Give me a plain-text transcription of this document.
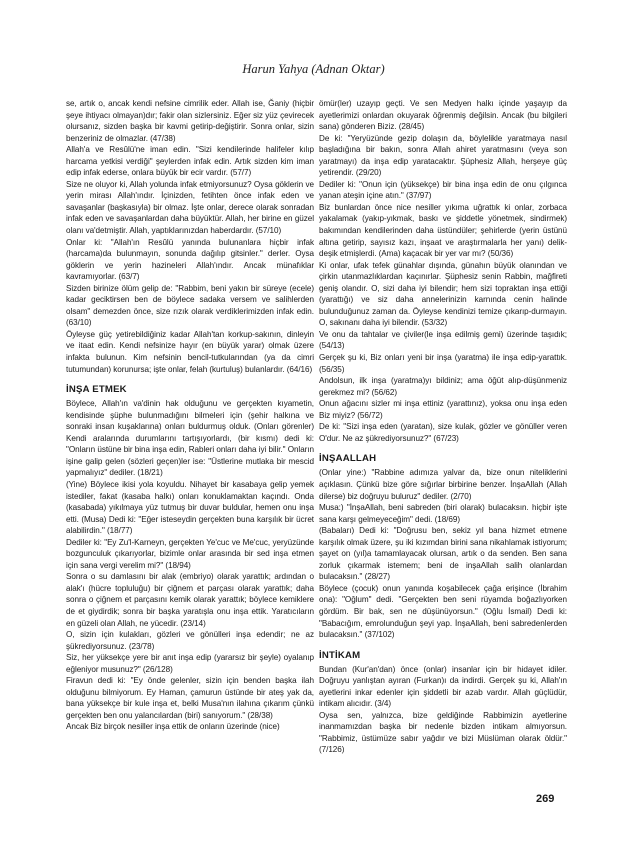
Harun Yahya (Adnan Oktar)

se, artık o, ancak kendi nefsine cimrilik eder. Allah ise, Ğaniy (hiçbir şeye ihtiyacı olmayan)dır; fakir olan sizlersiniz. Eğer siz yüz çevirecek olursanız, sizden başka bir kavmi getirip-değiştirir. Sonra onlar, sizin benzeriniz de olmazlar. (47/38)

Allah'a ve Resûlü'ne iman edin. "Sizi kendilerinde halifeler kılıp harcama yetkisi verdiği" şeylerden infak edin. Artık sizden kim iman edip infak ederse, onlara büyük bir ecir vardır. (57/7)

Size ne oluyor ki, Allah yolunda infak etmiyorsunuz? Oysa göklerin ve yerin mirası Allah'ındır. İçinizden, fetihten önce infak eden ve savaşanlar (başkasıyla) bir olmaz. İşte onlar, derece olarak sonradan infak eden ve savaşanlardan daha büyüktür. Allah, her birine en güzel olanı va'detmiştir. Allah, yaptıklarınızdan haberdardır. (57/10)

Onlar ki: "Allah'ın Resûlü yanında bulunanlara hiçbir infak (harcama)da bulunmayın, sonunda dağılıp gitsinler." derler. Oysa göklerin ve yerin hazineleri Allah'ındır. Ancak münafıklar kavramıyorlar. (63/7)

Sizden birinize ölüm gelip de: "Rabbim, beni yakın bir süreye (ecele) kadar geciktirsen ben de böylece sadaka versem ve salihlerden olsam" demezden önce, size rızık olarak verdiklerimizden infak edin. (63/10)

Öyleyse güç yetirebildiğiniz kadar Allah'tan korkup-sakının, dinleyin ve itaat edin. Kendi nefsinize hayır (en büyük yarar) olmak üzere infakta bulunun. Kim nefsinin bencil-tutkularından (ya da cimri tutumundan) korunursa; işte onlar, felah (kurtuluş) bulanlardır. (64/16)

İNŞA ETMEK

Böylece, Allah'ın va'dinin hak olduğunu ve gerçekten kıyametin, kendisinde şüphe bulunmadığını bilmeleri için (şehir halkına ve sonraki insan kuşaklarına) onları buldurmuş olduk. (Onları görenler) Kendi aralarında durumlarını tartışıyorlardı, (bir kısmı) dedi ki: "Onların üstüne bir bina inşa edin, Rableri onları daha iyi bilir." Onların işine galip gelen (sözleri geçen)ler ise: "Üstlerine mutlaka bir mescid yapmalıyız" dediler. (18/21)

(Yine) Böylece ikisi yola koyuldu. Nihayet bir kasabaya gelip yemek istediler, fakat (kasaba halkı) onları konuklamaktan kaçındı. Onda (kasabada) yıkılmaya yüz tutmuş bir duvar buldular, hemen onu inşa etti. (Musa) Dedi ki: "Eğer isteseydin gerçekten buna karşılık bir ücret alabilirdin." (18/77)

Dediler ki: "Ey Zu'l-Karneyn, gerçekten Ye'cuc ve Me'cuc, yeryüzünde bozgunculuk çıkarıyorlar, bizimle onlar arasında bir sed inşa etmen için sana vergi verelim mi?" (18/94)

Sonra o su damlasını bir alak (embriyo) olarak yarattık; ardından o alak'ı (hücre topluluğu) bir çiğnem et parçası olarak yarattık; daha sonra o çiğnem et parçasını kemik olarak yarattık; böylece kemiklere de et giydirdik; sonra bir başka yaratışla onu inşa ettik. Yaratıcıların en güzeli olan Allah, ne yücedir. (23/14)

O, sizin için kulakları, gözleri ve gönülleri inşa edendir; ne az şükrediyorsunuz. (23/78)

Siz, her yüksekçe yere bir anıt inşa edip (yararsız bir şeyle) oyalanıp eğleniyor musunuz?" (26/128)

Firavun dedi ki: "Ey önde gelenler, sizin için benden başka ilah olduğunu bilmiyorum. Ey Haman, çamurun üstünde bir ateş yak da, bana yüksekçe bir kule inşa et, belki Musa'nın ilahına çıkarım çünkü gerçekten ben onu yalancılardan (biri) sanıyorum." (28/38)

Ancak Biz birçok nesiller inşa ettik de onların üzerinde (nice)

ömür(ler) uzayıp geçti. Ve sen Medyen halkı içinde yaşayıp da ayetlerimizi onlardan okuyarak öğrenmiş değilsin. Ancak (bu bilgileri sana) gönderen Biziz. (28/45)

De ki: "Yeryüzünde gezip dolaşın da, böylelikle yaratmaya nasıl başladığına bir bakın, sonra Allah ahiret yaratmasını (veya son yaratmayı) da inşa edip yaratacaktır. Şüphesiz Allah, herşeye güç yetirendir. (29/20)

Dediler ki: "Onun için (yüksekçe) bir bina inşa edin de onu çılgınca yanan ateşin içine atın." (37/97)

Biz bunlardan önce nice nesiller yıkıma uğrattık ki onlar, zorbaca yakalamak (yakıp-yıkmak, baskı ve şiddetle yönetmek, sindirmek) bakımından kendilerinden daha üstündüler; şehirlerde (yerin üstünü altına getirip, sayısız kazı, inşaat ve araştırmalarla her yanı) delik-deşik etmişlerdi. (Ama) kaçacak bir yer var mı? (50/36)

Ki onlar, ufak tefek günahlar dışında, günahın büyük olanından ve çirkin utanmazlıklardan kaçınırlar. Şüphesiz senin Rabbin, mağfireti geniş olandır. O, sizi daha iyi bilendir; hem sizi topraktan inşa ettiği (yarattığı) ve siz daha annelerinizin karnında cenin halinde bulunduğunuz zaman da. Öyleyse kendinizi temize çıkarıp-durmayın. O, sakınanı daha iyi bilendir. (53/32)

Ve onu da tahtalar ve çiviler(le inşa edilmiş gemi) üzerinde taşıdık; (54/13)

Gerçek şu ki, Biz onları yeni bir inşa (yaratma) ile inşa edip-yarattık. (56/35)

Andolsun, ilk inşa (yaratma)yı bildiniz; ama öğüt alıp-düşünmeniz gerekmez mi? (56/62)

Onun ağacını sizler mi inşa ettiniz (yarattınız), yoksa onu inşa eden Biz miyiz? (56/72)

De ki: "Sizi inşa eden (yaratan), size kulak, gözler ve gönüller veren O'dur. Ne az şükrediyorsunuz?" (67/23)

İNŞAALLAH

(Onlar yine:) "Rabbine adımıza yalvar da, bize onun niteliklerini açıklasın. Çünkü bize göre sığırlar birbirine benzer. İnşaAllah (Allah dilerse) biz doğruyu buluruz" dediler. (2/70)

Musa:) "İnşaAllah, beni sabreden (biri olarak) bulacaksın. hiçbir işte sana karşı gelmeyeceğim" dedi. (18/69)

(Babaları) Dedi ki: "Doğrusu ben, sekiz yıl bana hizmet etmene karşılık olmak üzere, şu iki kızımdan birini sana nikahlamak istiyorum; şayet on (yıl)a tamamlayacak olursan, artık o da senden. Ben sana zorluk çıkarmak istemem; beni de inşaAllah salih olanlardan bulacaksın." (28/27)

Böylece (çocuk) onun yanında koşabilecek çağa erişince (İbrahim ona): "Oğlum" dedi. "Gerçekten ben seni rüyamda boğazlıyorken gördüm. Bir bak, sen ne düşünüyorsun." (Oğlu İsmail) Dedi ki: "Babacığım, emrolunduğun şeyi yap. İnşaAllah, beni sabredenlerden bulacaksın." (37/102)

İNTİKAM

Bundan (Kur'an'dan) önce (onlar) insanlar için bir hidayet idiler. Doğruyu yanlıştan ayıran (Furkan)ı da indirdi. Gerçek şu ki, Allah'ın ayetlerini inkar edenler için şiddetli bir azab vardır. Allah güçlüdür, intikam alıcıdır. (3/4)

Oysa sen, yalnızca, bize geldiğinde Rabbimizin ayetlerine inanmamızdan başka bir nedenle bizden intikam almıyorsun. "Rabbimiz, üstümüze sabır yağdır ve bizi Müslüman olarak öldür." (7/126)

269
